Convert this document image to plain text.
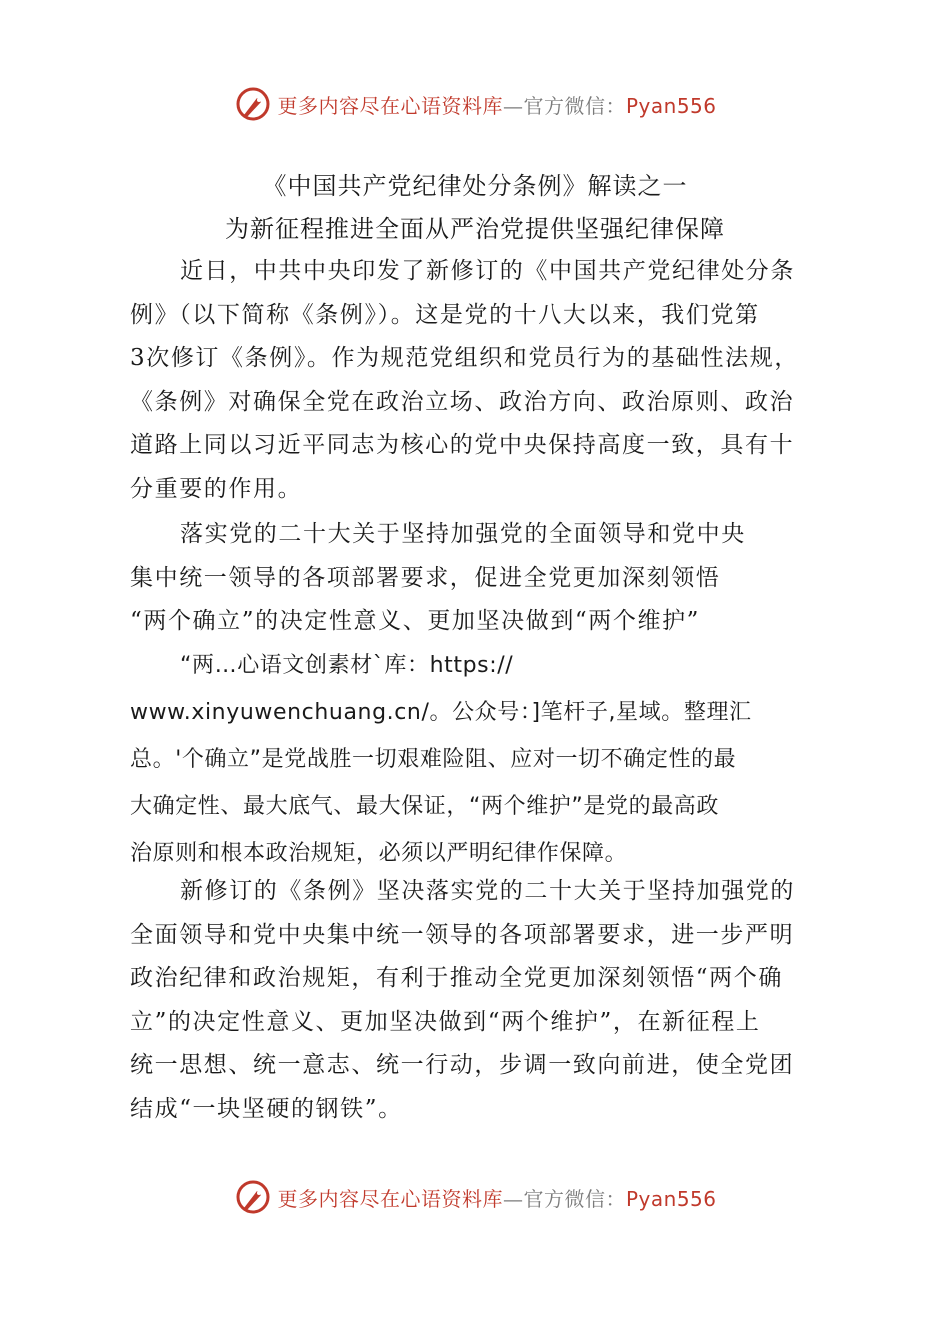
更多内容尽在心语资料库—官方微信：Pyan556
《中国共产党纪律处分条例》解读之一
为新征程推进全面从严治党提供坚强纪律保障
近日，中共中央印发了新修订的《中国共产党纪律处分条
例》（以下简称《条例》）。这是党的十八大以来，我们党第
3次修订《条例》。作为规范党组织和党员行为的基础性法规，
《条例》对确保全党在政治立场、政治方向、政治原则、政治
道路上同以习近平同志为核心的党中央保持高度一致，具有十
分重要的作用。
落实党的二十大关于坚持加强党的全面领导和党中央
集中统一领导的各项部署要求，促进全党更加深刻领悟
“两个确立”的决定性意义、更加坚决做到“两个维护”
“两…心语文创素材`库：https://
www.xinyuwenchuang.cn/。公众号：]笔杆子,星域。整理汇
总。'个确立”是党战胜一切艰难险阻、应对一切不确定性的最
大确定性、最大底气、最大保证，“两个维护”是党的最高政
治原则和根本政治规矩，必须以严明纪律作保障。
新修订的《条例》坚决落实党的二十大关于坚持加强党的
全面领导和党中央集中统一领导的各项部署要求，进一步严明
政治纪律和政治规矩，有利于推动全党更加深刻领悟“两个确
立”的决定性意义、更加坚决做到“两个维护”，在新征程上
统一思想、统一意志、统一行动，步调一致向前进，使全党团
结成“一块坚硬的钢铁”。
更多内容尽在心语资料库—官方微信：Pyan556
